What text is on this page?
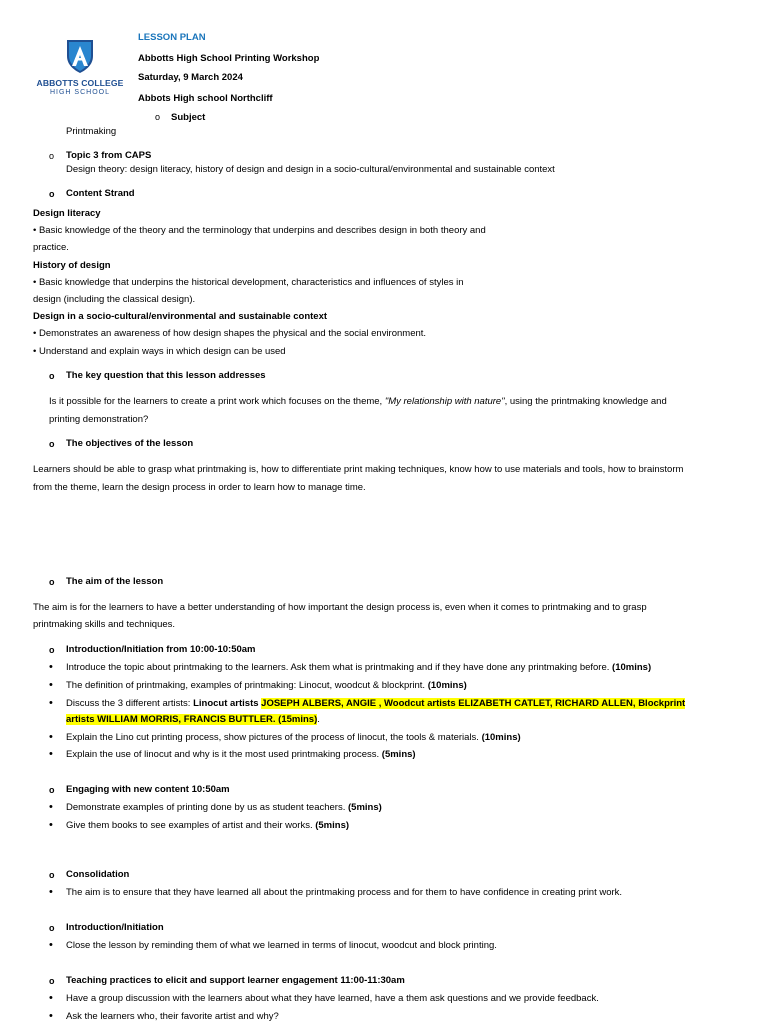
ABBOTTS COLLEGE
HIGH SCHOOL
LESSON PLAN
Abbotts High School Printing Workshop
Saturday, 9 March 2024
Abbots High school Northcliff
o Subject
Printmaking
o Topic 3 from CAPS
Design theory: design literacy, history of design and design in a socio-cultural/environmental and sustainable context
o Content Strand
Design literacy
• Basic knowledge of the theory and the terminology that underpins and describes design in both theory and
practice.
History of design
• Basic knowledge that underpins the historical development, characteristics and influences of styles in
design (including the classical design).
Design in a socio-cultural/environmental and sustainable context
• Demonstrates an awareness of how design shapes the physical and the social environment.
• Understand and explain ways in which design can be used
o The key question that this lesson addresses
Is it possible for the learners to create a print work which focuses on the theme, "My relationship with nature", using the printmaking knowledge and
printing demonstration?
o The objectives of the lesson
Learners should be able to grasp what printmaking is, how to differentiate print making techniques, know how to use materials and tools, how to brainstorm
from the theme, learn the design process in order to learn how to manage time.
o The aim of the lesson
The aim is for the learners to have a better understanding of how important the design process is, even when it comes to printmaking and to grasp
printmaking skills and techniques.
o Introduction/Initiation from 10:00-10:50am
• Introduce the topic about printmaking to the learners. Ask them what is printmaking and if they have done any printmaking before. (10mins)
• The definition of printmaking, examples of printmaking: Linocut, woodcut & blockprint. (10mins)
• Discuss the 3 different artists: Linocut artists JOSEPH ALBERS, ANGIE , Woodcut artists ELIZABETH CATLET, RICHARD ALLEN, Blockprint
artists WILLIAM MORRIS, FRANCIS BUTTLER. (15mins).
• Explain the Lino cut printing process, show pictures of the process of linocut, the tools & materials. (10mins)
• Explain the use of linocut and why is it the most used printmaking process. (5mins)
o Engaging with new content 10:50am
• Demonstrate examples of printing done by us as student teachers. (5mins)
• Give them books to see examples of artist and their works. (5mins)
o Consolidation
• The aim is to ensure that they have learned all about the printmaking process and for them to have confidence in creating print work.
o Introduction/Initiation
• Close the lesson by reminding them of what we learned in terms of linocut, woodcut and block printing.
o Teaching practices to elicit and support learner engagement 11:00-11:30am
• Have a group discussion with the learners about what they have learned, have a them ask questions and we provide feedback.
• Ask the learners who, their favorite artist and why?
